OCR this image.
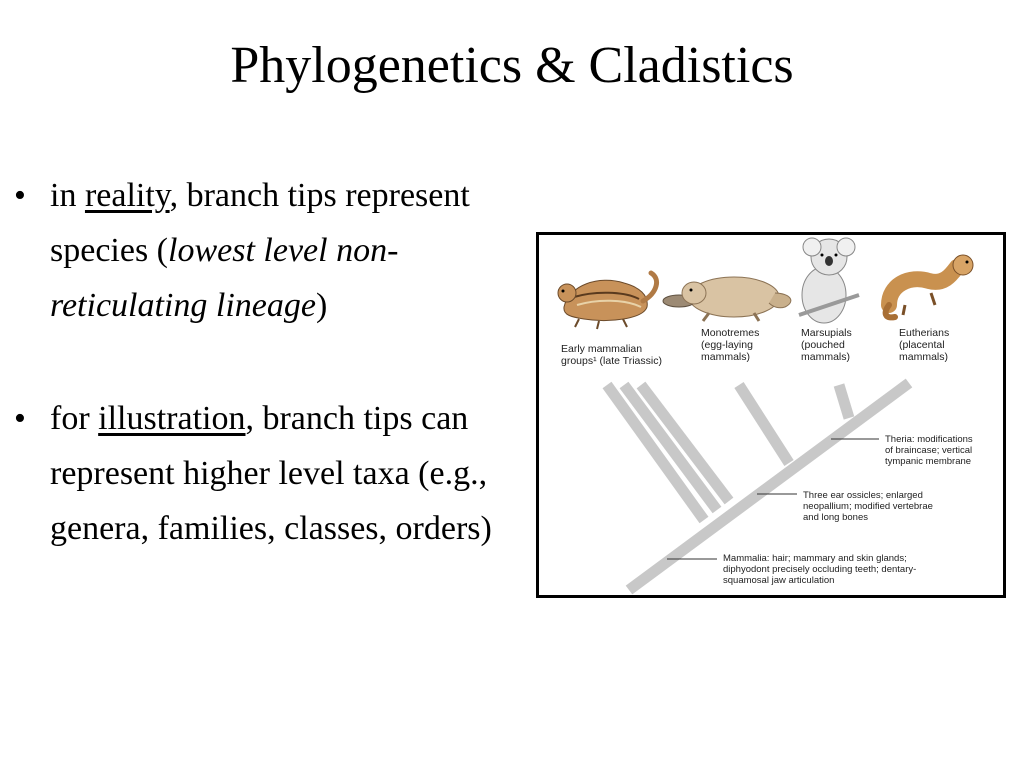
Phylogenetics & Cladistics
• in reality, branch tips represent species (lowest level non-reticulating lineage)
• for illustration, branch tips can represent higher level taxa (e.g., genera, families, classes, orders)
Early mammalian
groups¹ (late Triassic)
Monotremes
(egg-laying
mammals)
Marsupials
(pouched
mammals)
Eutherians
(placental
mammals)
Theria: modifications
of braincase; vertical
tympanic membrane
Three ear ossicles; enlarged
neopallium; modified vertebrae
and long bones
Mammalia: hair; mammary and skin glands;
diphyodont precisely occluding teeth; dentary-
squamosal jaw articulation
